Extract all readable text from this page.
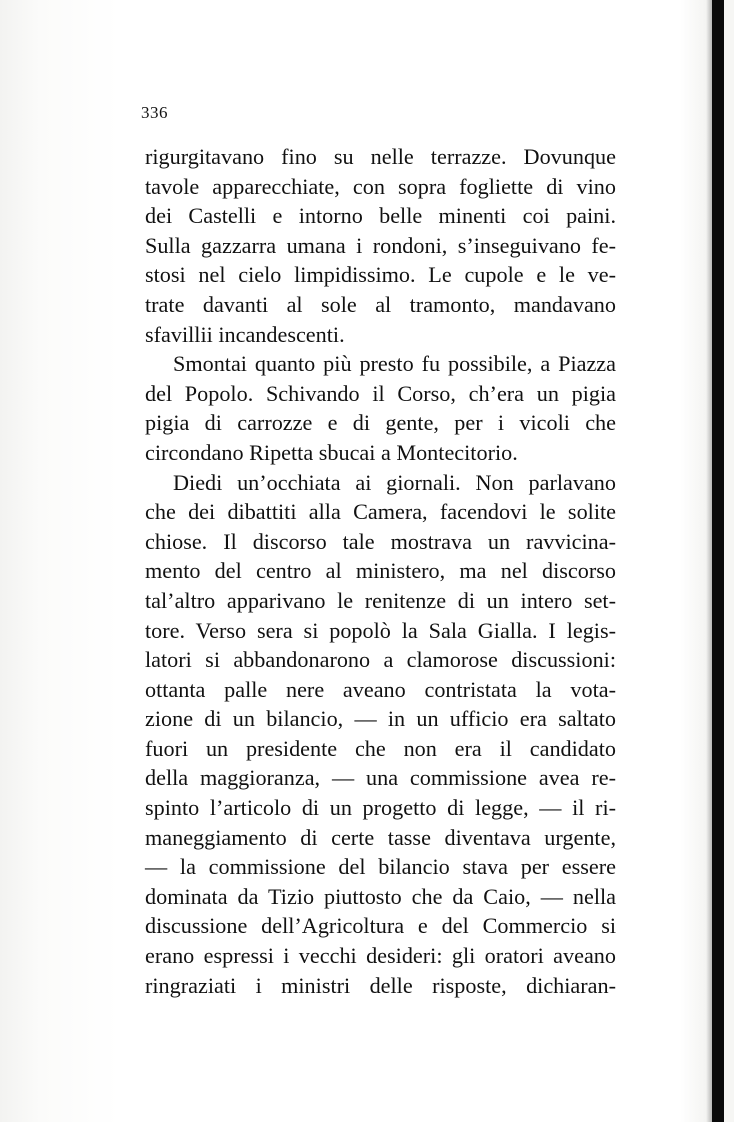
336
rigurgitavano fino su nelle terrazze. Dovunque
tavole apparecchiate, con sopra fogliette di vino
dei Castelli e intorno belle minenti coi paini.
Sulla gazzarra umana i rondoni, s’inseguivano fe-
stosi nel cielo limpidissimo. Le cupole e le ve-
trate davanti al sole al tramonto, mandavano
sfavillii incandescenti.
Smontai quanto più presto fu possibile, a Piazza
del Popolo. Schivando il Corso, ch’era un pigia
pigia di carrozze e di gente, per i vicoli che
circondano Ripetta sbucai a Montecitorio.
Diedi un’occhiata ai giornali. Non parlavano
che dei dibattiti alla Camera, facendovi le solite
chiose. Il discorso tale mostrava un ravvicina-
mento del centro al ministero, ma nel discorso
tal’altro apparivano le renitenze di un intero set-
tore. Verso sera si popolò la Sala Gialla. I legis-
latori si abbandonarono a clamorose discussioni:
ottanta palle nere aveano contristata la vota-
zione di un bilancio, — in un ufficio era saltato
fuori un presidente che non era il candidato
della maggioranza, — una commissione avea re-
spinto l’articolo di un progetto di legge, — il ri-
maneggiamento di certe tasse diventava urgente,
— la commissione del bilancio stava per essere
dominata da Tizio piuttosto che da Caio, — nella
discussione dell’Agricoltura e del Commercio si
erano espressi i vecchi desideri: gli oratori aveano
ringraziati i ministri delle risposte, dichiaran-
